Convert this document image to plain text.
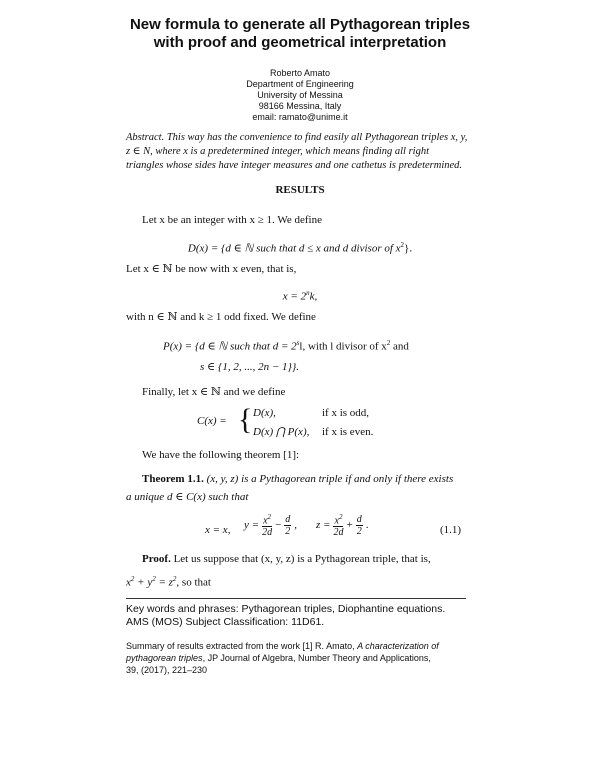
New formula to generate all Pythagorean triples
with proof and geometrical interpretation
Roberto Amato
Department of Engineering
University of Messina
98166 Messina, Italy
email: ramato@unime.it
Abstract. This way has the convenience to find easily all Pythagorean triples x, y,
z ∈ N, where x is a predetermined integer, which means finding all right
triangles whose sides have integer measures and one cathetus is predetermined.
RESULTS
Let x be an integer with x ≥ 1. We define
D(x) = {d ∈ ℕ such that d ≤ x and d divisor of $x^2$}.
Let x ∈ ℕ be now with x even, that is,
$x = 2^nk$,
with n ∈ ℕ and k ≥ 1 odd fixed. We define
P(x) = {d ∈ ℕ such that $d = 2^sl$, with l divisor of $x^2$ and
s ∈ {1, 2, ..., 2n − 1}}.
Finally, let x ∈ ℕ and we define
C(x) = { D(x),	if x is odd,
D(x) ⋂ P(x), if x is even.
We have the following theorem [1]:
Theorem 1.1. (x, y, z) is a Pythagorean triple if and only if there exists
a unique d ∈ C(x) such that
x = x, $y = \frac{x^2}{2d} - \frac{d}{2}$ , $z = \frac{x^2}{2d} + \frac{d}{2}$ .	(1.1)
Proof. Let us suppose that (x, y, z) is a Pythagorean triple, that is,
$x^2 + y^2 = z^2$, so that
Key words and phrases: Pythagorean triples, Diophantine equations.
AMS (MOS) Subject Classification: 11D61.
Summary of results extracted from the work [1] R. Amato, A characterization of
pythagorean triples, JP Journal of Algebra, Number Theory and Applications,
39, (2017), 221–230
